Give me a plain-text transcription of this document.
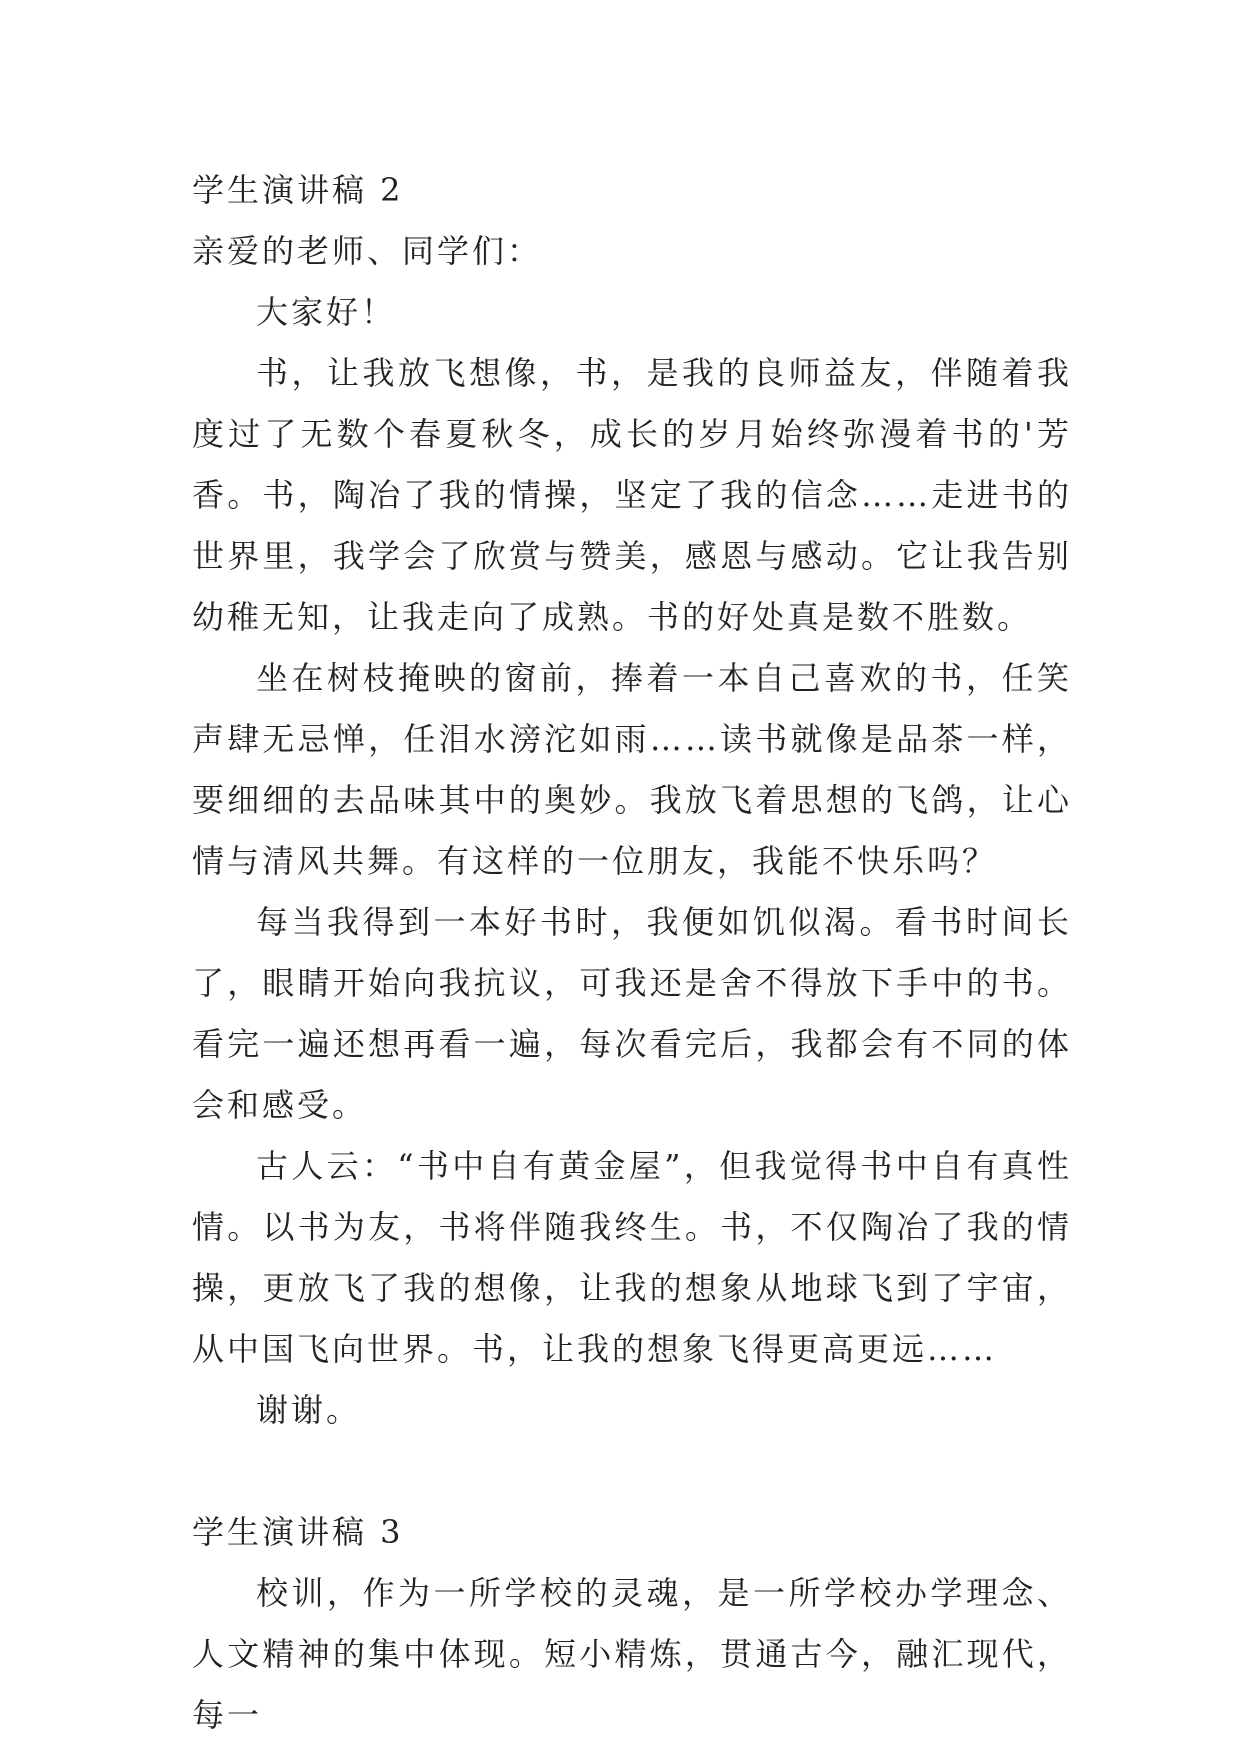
学生演讲稿 2

亲爱的老师、同学们：

大家好！

书，让我放飞想像，书，是我的良师益友，伴随着我度过了无数个春夏秋冬，成长的岁月始终弥漫着书的'芳香。书，陶冶了我的情操，坚定了我的信念……走进书的世界里，我学会了欣赏与赞美，感恩与感动。它让我告别幼稚无知，让我走向了成熟。书的好处真是数不胜数。

坐在树枝掩映的窗前，捧着一本自己喜欢的书，任笑声肆无忌惮，任泪水滂沱如雨……读书就像是品茶一样，要细细的去品味其中的奥妙。我放飞着思想的飞鸽，让心情与清风共舞。有这样的一位朋友，我能不快乐吗？

每当我得到一本好书时，我便如饥似渴。看书时间长了，眼睛开始向我抗议，可我还是舍不得放下手中的书。看完一遍还想再看一遍，每次看完后，我都会有不同的体会和感受。

古人云：“书中自有黄金屋”，但我觉得书中自有真性情。以书为友，书将伴随我终生。书，不仅陶冶了我的情操，更放飞了我的想像，让我的想象从地球飞到了宇宙，从中国飞向世界。书，让我的想象飞得更高更远……

谢谢。

学生演讲稿 3

校训，作为一所学校的灵魂，是一所学校办学理念、人文精神的集中体现。短小精炼，贯通古今，融汇现代，每一
